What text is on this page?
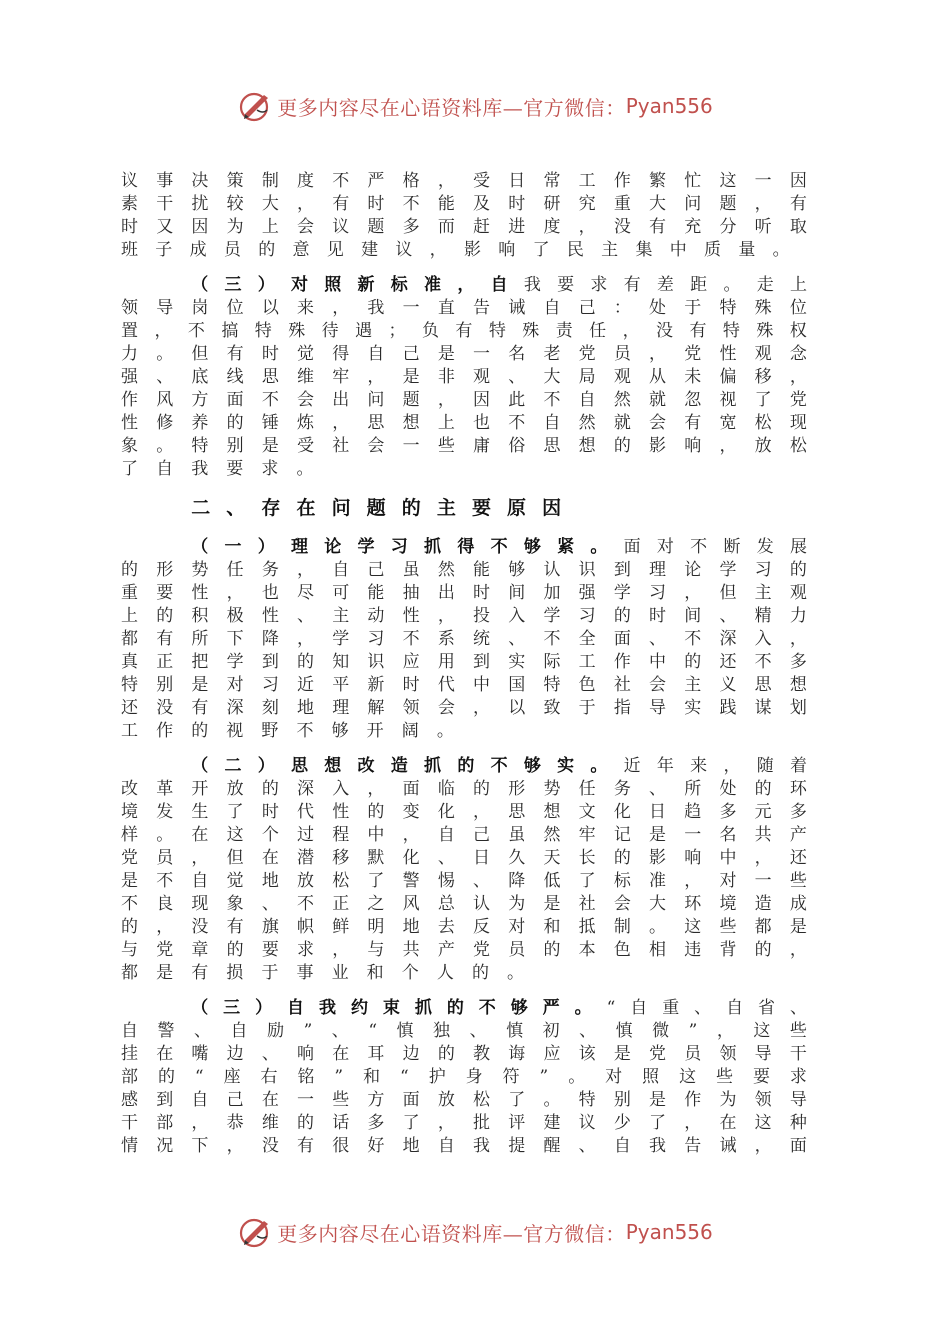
更多内容尽在心语资料库—官方微信： Pyan556
议 事 决 策 制 度 不 严 格 ， 受 日 常 工 作 繁 忙 这 一 因
素 干 扰 较 大 ， 有 时 不 能 及 时 研 究 重 大 问 题 ， 有
时 又 因 为 上 会 议 题 多 而 赶 进 度 ， 没 有 充 分 听 取
班	子	成	员	的	意	见	建	议	，	影	响	了	民	主	集	中	质	量	。
（ 三 ） 对 照 新 标 准 ， 自 我 要 求 有 差 距 。 走 上
领 导 岗 位 以 来 ， 我 一 直 告 诫 自 己 ： 处 于 特 殊 位
置 ， 不 搞 特 殊 待 遇 ； 负 有 特 殊 责 任 ， 没 有 特 殊 权
力 。 但 有 时 觉 得 自 己 是 一 名 老 党 员 ， 党 性 观 念
强 、 底 线 思 维 牢 ， 是 非 观 、 大 局 观 从 未 偏 移 ，
作 风 方 面 不 会 出 问 题 ， 因 此 不 自 然 就 忽 视 了 党
性 修 养 的 锤 炼 ， 思 想 上 也 不 自 然 就 会 有 宽 松 现
象 。 特 别 是 受 社 会 一 些 庸 俗 思 想 的 影 响 ， 放 松
了	自	我	要	求	。
二 、 存 在 问 题 的 主 要 原 因
（ 一 ） 理 论 学 习 抓 得 不 够 紧 。 面 对 不 断 发 展
的 形 势 任 务 ， 自 己 虽 然 能 够 认 识 到 理 论 学 习 的
重 要 性 ， 也 尽 可 能 抽 出 时 间 加 强 学 习 ， 但 主 观
上 的 积 极 性 、 主 动 性 ， 投 入 学 习 的 时 间 、 精 力
都 有 所 下 降 ， 学 习 不 系 统 、 不 全 面 、 不 深 入 ，
真 正 把 学 到 的 知 识 应 用 到 实 际 工 作 中 的 还 不 多
特 别 是 对 习 近 平 新 时 代 中 国 特 色 社 会 主 义 思 想
还 没 有 深 刻 地 理 解 领 会 ， 以 致 于 指 导 实 践 谋 划
工	作	的	视	野	不	够	开	阔	。
（ 二 ） 思 想 改 造 抓 的 不 够 实 。 近 年 来 ， 随 着
改 革 开 放 的 深 入 ， 面 临 的 形 势 任 务 、 所 处 的 环
境 发 生 了 时 代 性 的 变 化 ， 思 想 文 化 日 趋 多 元 多
样 。 在 这 个 过 程 中 ， 自 己 虽 然 牢 记 是 一 名 共 产
党 员 ， 但 在 潜 移 默 化 、 日 久 天 长 的 影 响 中 ， 还
是 不 自 觉 地 放 松 了 警 惕 、 降 低 了 标 准 ， 对 一 些
不 良 现 象 、 不 正 之 风 总 认 为 是 社 会 大 环 境 造 成
的 ， 没 有 旗 帜 鲜 明 地 去 反 对 和 抵 制 。 这 些 都 是
与 党 章 的 要 求 ， 与 共 产 党 员 的 本 色 相 违 背 的 ，
都	是	有	损	于	事	业	和	个	人	的	。
（ 三 ） 自 我 约 束 抓 的 不 够 严 。 “ 自 重 、 自 省 、
自 警 、 自 励 ” 、 “ 慎 独 、 慎 初 、 慎 微 ” ， 这 些
挂 在 嘴 边 、 响 在 耳 边 的 教 诲 应 该 是 党 员 领 导 干
部 的 “ 座 右 铭 ” 和 “ 护 身 符 ” 。 对 照 这 些 要 求
感 到 自 己 在 一 些 方 面 放 松 了 。 特 别 是 作 为 领 导
干 部 ， 恭 维 的 话 多 了 ， 批 评 建 议 少 了 ， 在 这 种
情 况 下 ， 没 有 很 好 地 自 我 提 醒 、 自 我 告 诫 ， 面
更多内容尽在心语资料库—官方微信： Pyan556
